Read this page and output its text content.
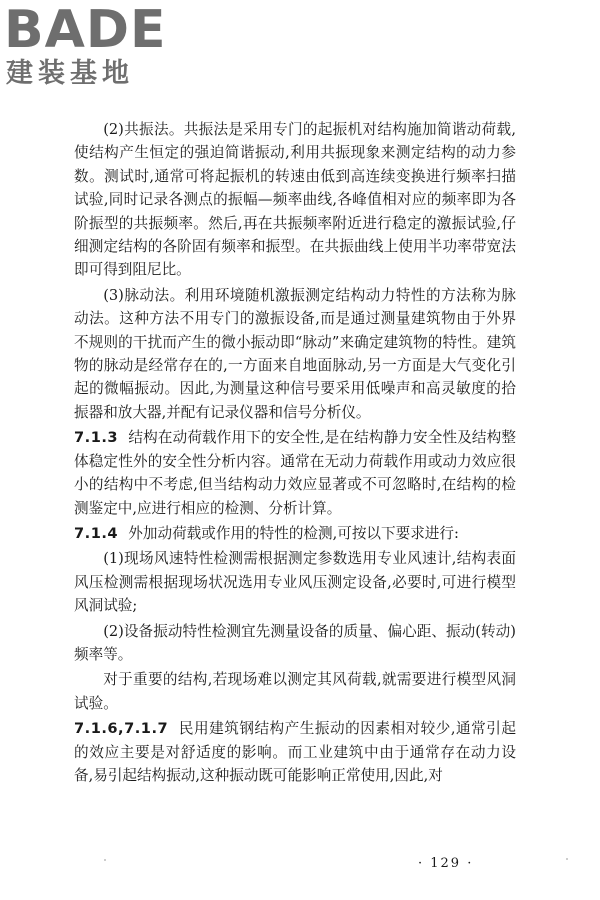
BADE
建装基地

(2)共振法。共振法是采用专门的起振机对结构施加简谐动荷载,使结构产生恒定的强迫简谐振动,利用共振现象来测定结构的动力参数。测试时,通常可将起振机的转速由低到高连续变换进行频率扫描试验,同时记录各测点的振幅—频率曲线,各峰值相对应的频率即为各阶振型的共振频率。然后,再在共振频率附近进行稳定的激振试验,仔细测定结构的各阶固有频率和振型。在共振曲线上使用半功率带宽法即可得到阻尼比。

(3)脉动法。利用环境随机激振测定结构动力特性的方法称为脉动法。这种方法不用专门的激振设备,而是通过测量建筑物由于外界不规则的干扰而产生的微小振动即“脉动”来确定建筑物的特性。建筑物的脉动是经常存在的,一方面来自地面脉动,另一方面是大气变化引起的微幅振动。因此,为测量这种信号要采用低噪声和高灵敏度的拾振器和放大器,并配有记录仪器和信号分析仪。

7.1.3 结构在动荷载作用下的安全性,是在结构静力安全性及结构整体稳定性外的安全性分析内容。通常在无动力荷载作用或动力效应很小的结构中不考虑,但当结构动力效应显著或不可忽略时,在结构的检测鉴定中,应进行相应的检测、分析计算。

7.1.4 外加动荷载或作用的特性的检测,可按以下要求进行:

(1)现场风速特性检测需根据测定参数选用专业风速计,结构表面风压检测需根据现场状况选用专业风压测定设备,必要时,可进行模型风洞试验;

(2)设备振动特性检测宜先测量设备的质量、偏心距、振动(转动)频率等。

对于重要的结构,若现场难以测定其风荷载,就需要进行模型风洞试验。

7.1.6,7.1.7 民用建筑钢结构产生振动的因素相对较少,通常引起的效应主要是对舒适度的影响。而工业建筑中由于通常存在动力设备,易引起结构振动,这种振动既可能影响正常使用,因此,对

· 129 ·
